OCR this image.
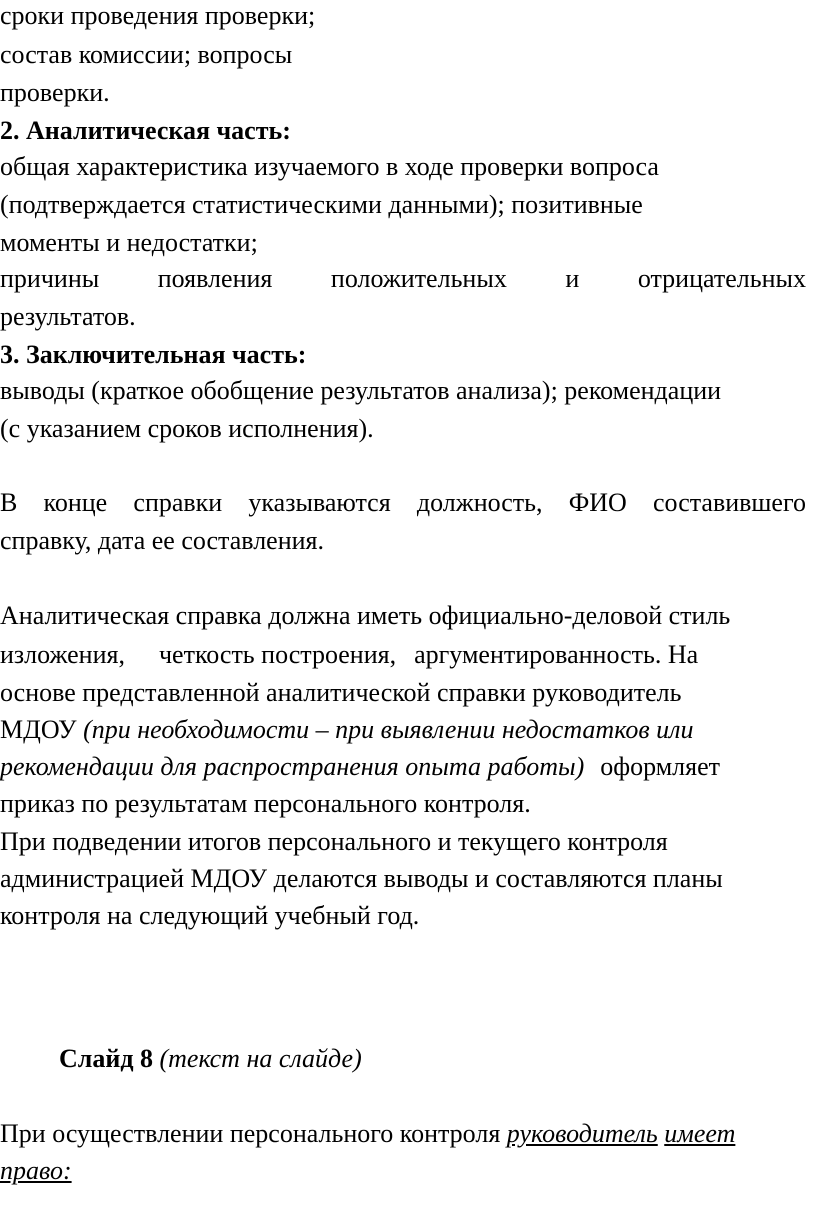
сроки проведения проверки;
состав комиссии; вопросы
проверки.
2. Аналитическая часть:
общая характеристика изучаемого в ходе проверки вопроса
(подтверждается статистическими данными); позитивные
моменты и недостатки;
причины появления положительных и отрицательных
результатов.
3. Заключительная часть:
выводы (краткое обобщение результатов анализа); рекомендации
(с указанием сроков исполнения).
В конце справки указываются должность, ФИО составившего
справку, дата ее составления.
Аналитическая справка должна иметь официально-деловой стиль
изложения, четкость построения, аргументированность. На
основе представленной аналитической справки руководитель
МДОУ (при необходимости – при выявлении недостатков или
рекомендации для распространения опыта работы) оформляет
приказ по результатам персонального контроля.
При подведении итогов персонального и текущего контроля
администрацией МДОУ делаются выводы и составляются планы
контроля на следующий учебный год.
Слайд 8 (текст на слайде)
При осуществлении персонального контроля руководитель имеет
право:
